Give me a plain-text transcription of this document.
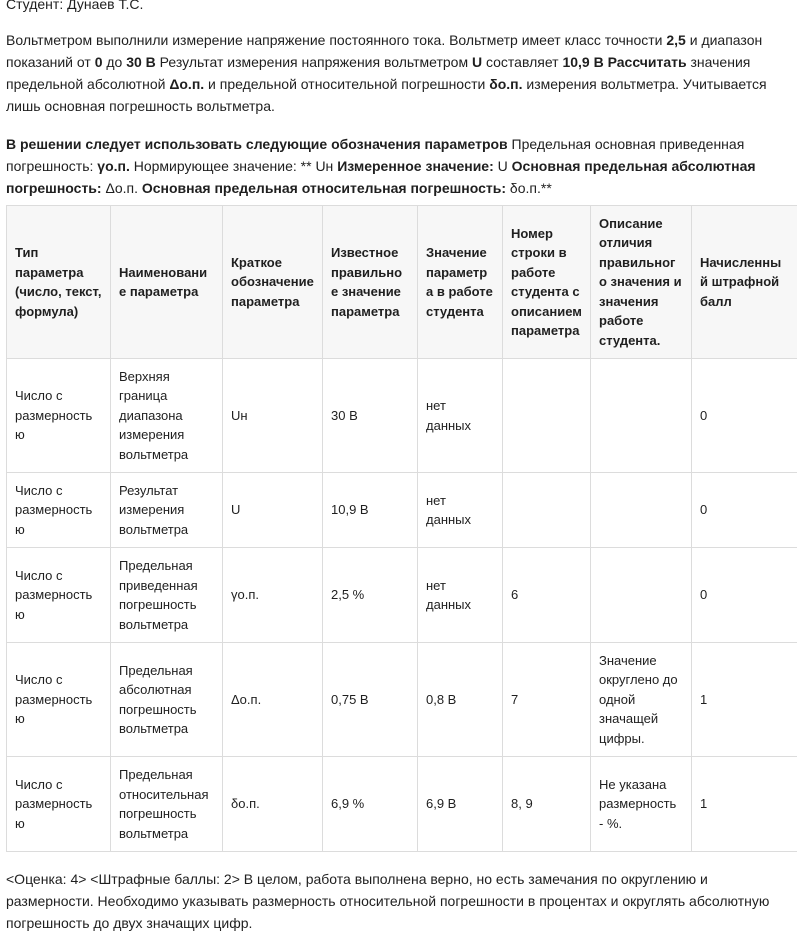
Студент: Дунаев Т.С.

Вольтметром выполнили измерение напряжение постоянного тока. Вольтметр имеет класс точности 2,5 и диапазон показаний от 0 до 30 В Результат измерения напряжения вольтметром U составляет 10,9 В Рассчитать значения предельной абсолютной Δо.п. и предельной относительной погрешности δо.п. измерения вольтметра. Учитывается лишь основная погрешность вольтметра.

В решении следует использовать следующие обозначения параметров Предельная основная приведенная погрешность: γо.п. Нормирующее значение: ** Uн Измеренное значение: U Основная предельная абсолютная погрешность: Δо.п. Основная предельная относительная погрешность: δо.п.**

Тип параметра (число, текст, формула)	Наименование параметра	Краткое обозначение параметра	Известное правильное значение параметра	Значение параметра в работе студента	Номер строки в работе студента с описанием параметра	Описание отличия правильного значения и значения работе студента.	Начисленный штрафной балл
Число с размерностью	Верхняя граница диапазона измерения вольтметра	Uн	30 В	нет данных			0
Число с размерностью	Результат измерения вольтметра	U	10,9 В	нет данных			0
Число с размерностью	Предельная приведенная погрешность вольтметра	γо.п.	2,5 %	нет данных	6		0
Число с размерностью	Предельная абсолютная погрешность вольтметра	Δо.п.	0,75 В	0,8 В	7	Значение округлено до одной значащей цифры.	1
Число с размерностью	Предельная относительная погрешность вольтметра	δо.п.	6,9 %	6,9 В	8, 9	Не указана размерность - %.	1

<Оценка: 4> <Штрафные баллы: 2> В целом, работа выполнена верно, но есть замечания по округлению и размерности. Необходимо указывать размерность относительной погрешности в процентах и округлять абсолютную погрешность до двух значащих цифр.
